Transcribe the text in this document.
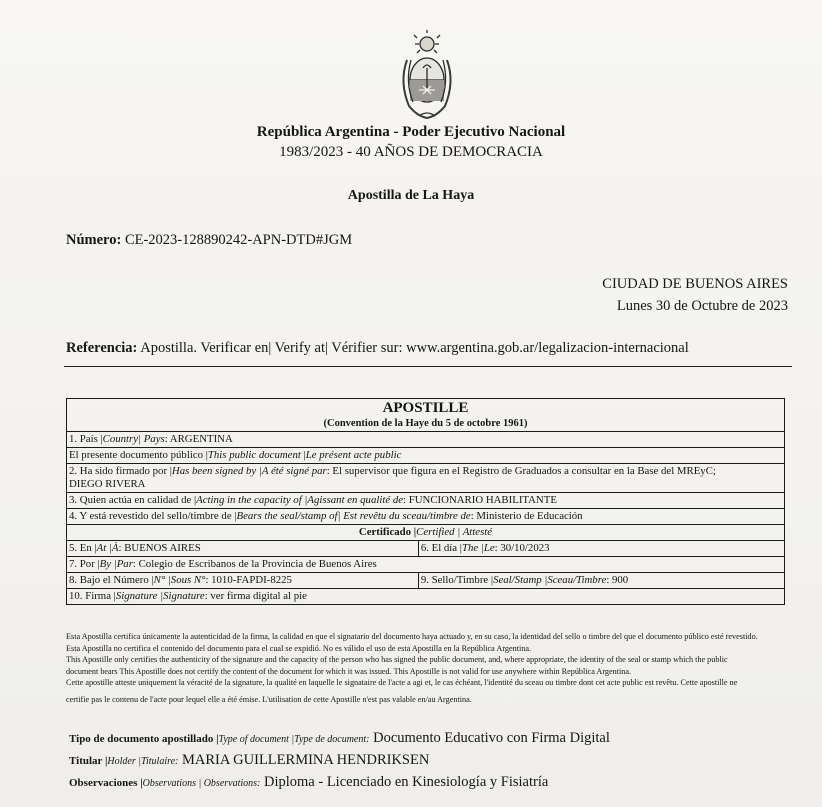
República Argentina - Poder Ejecutivo Nacional
1983/2023 - 40 AÑOS DE DEMOCRACIA
Apostilla de La Haya
Número: CE-2023-128890242-APN-DTD#JGM
CIUDAD DE BUENOS AIRES
Lunes 30 de Octubre de 2023
Referencia: Apostilla. Verificar en| Verify at| Vérifier sur: www.argentina.gob.ar/legalizacion-internacional
APOSTILLE
(Convention de la Haye du 5 de octobre 1961)	

1. País |Country| Pays: ARGENTINA	
El presente documento público |This public document |Le présent acte public	
2. Ha sido firmado por |Has been signed by |A été signé par: El supervisor que figura en el Registro de Graduados a consultar en la Base del MREyC;
DIEGO RIVERA	
3. Quien actúa en calidad de |Acting in the capacity of |Agissant en qualité de: FUNCIONARIO HABILITANTE	
4. Y está revestido del sello/timbre de |Bears the seal/stamp of| Est revêtu du sceau/timbre de: Ministerio de Educación	
Certificado |Certified | Attesté	
5. En |At |À: BUENOS AIRES	6. El día |The |Le: 30/10/2023
7. Por |By |Par: Colegio de Escribanos de la Provincia de Buenos Aires	
8. Bajo el Número |N° |Sous N°: 1010-FAPDI-8225	9. Sello/Timbre |Seal/Stamp |Sceau/Timbre: 900
10. Firma |Signature |Signature: ver firma digital al pie	

Esta Apostilla certifica únicamente la autenticidad de la firma, la calidad en que el signatario del documento haya actuado y, en su caso, la identidad del sello o timbre del que el documento público esté revestido.

Esta Apostilla no certifica el contenido del documento para el cual se expidió. No es válido el uso de esta Apostilla en la República Argentina.

This Apostille only certifies the authenticity of the signature and the capacity of the person who has signed the public document, and, where appropriate, the identity of the seal or stamp which the public

document bears This Apostille does not certify the content of the document for which it was issued. This Apostille is not valid for use anywhere within República Argentina.

Cette apostille atteste uniquement la véracité de la signature, la qualité en laquelle le signataire de l'acte a agi et, le cas échéant, l'identité du sceau ou timbre dont cet acte public est revêtu. Cette apostille ne

certifie pas le contenu de l'acte pour lequel elle a été émise. L'utilisation de cette Apostille n'est pas valable en/au Argentina.

Tipo de documento apostillado |Type of document |Type de document: Documento Educativo con Firma Digital
Titular |Holder |Titulaire: MARIA GUILLERMINA HENDRIKSEN
Observaciones |Observations | Observations: Diploma - Licenciado en Kinesiología y Fisiatría
